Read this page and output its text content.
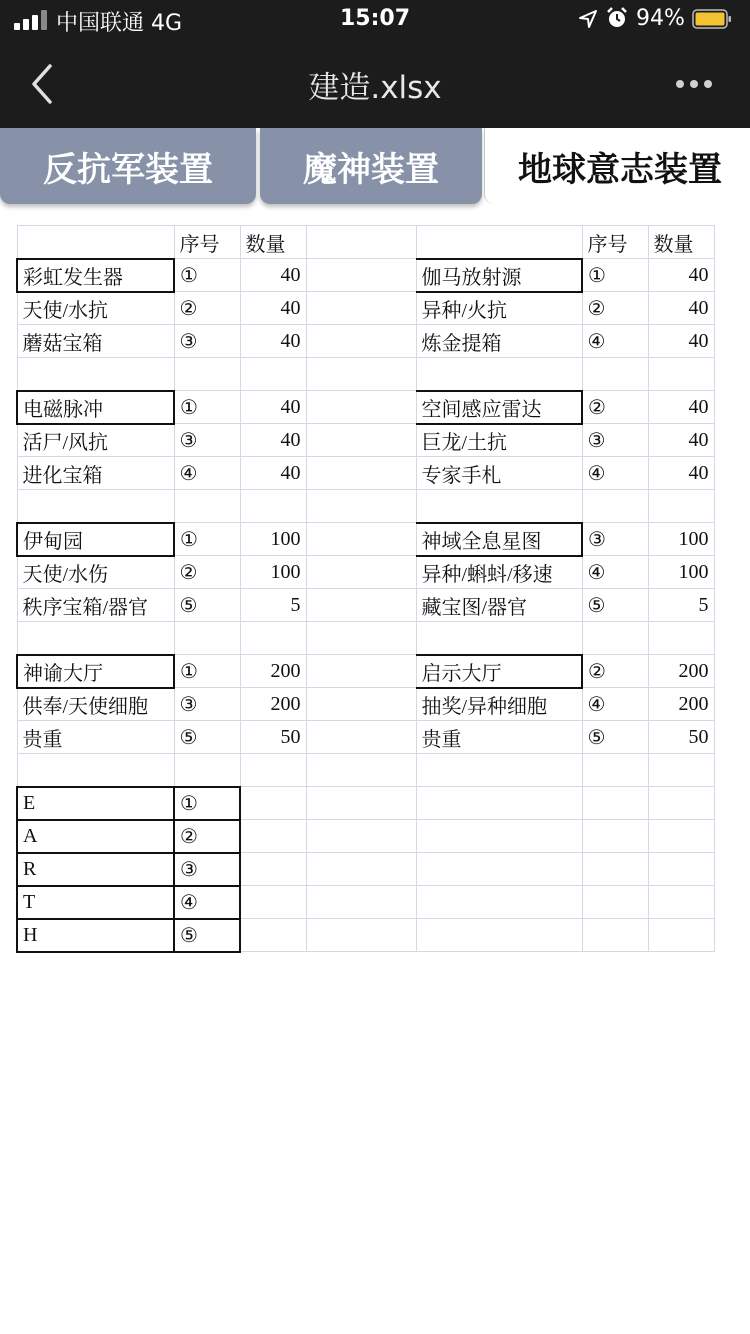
中国联通 4G	15:07	94%
建造.xlsx
反抗军装置	魔神装置	地球意志装置
	序号	数量			序号	数量
彩虹发生器	①	40		伽马放射源	①	40
天使/水抗	②	40		异种/火抗	②	40
蘑菇宝箱	③	40		炼金提箱	④	40

电磁脉冲	①	40		空间感应雷达	②	40
活尸/风抗	③	40		巨龙/土抗	③	40
进化宝箱	④	40		专家手札	④	40

伊甸园	①	100		神域全息星图	③	100
天使/水伤	②	100		异种/蝌蚪/移速	④	100
秩序宝箱/器官	⑤	5		藏宝图/器官	⑤	5

神谕大厅	①	200		启示大厅	②	200
供奉/天使细胞	③	200		抽奖/异种细胞	④	200
贵重	⑤	50		贵重	⑤	50

E	①					
A	②					
R	③					
T	④					
H	⑤					
